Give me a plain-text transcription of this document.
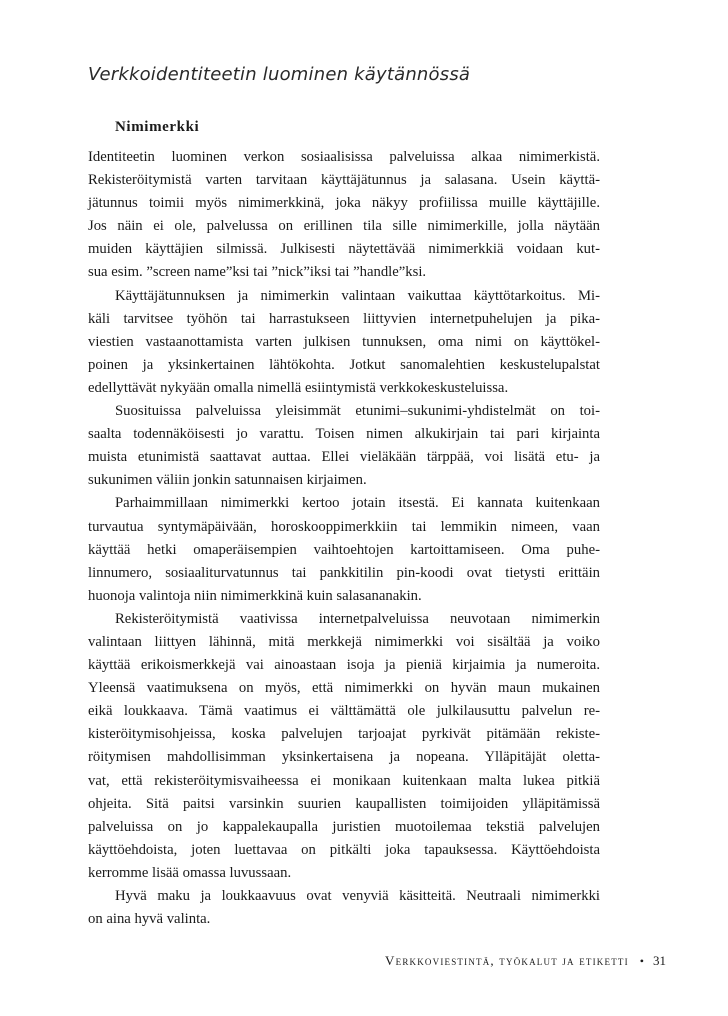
Verkkoidentiteetin luominen käytännössä
Nimimerkki
Identiteetin luominen verkon sosiaalisissa palveluissa alkaa nimimerkistä.
Rekisteröitymistä varten tarvitaan käyttäjätunnus ja salasana. Usein käyttä-
jätunnus toimii myös nimimerkkinä, joka näkyy profiilissa muille käyttäjille.
Jos näin ei ole, palvelussa on erillinen tila sille nimimerkille, jolla näytään
muiden käyttäjien silmissä. Julkisesti näytettävää nimimerkkiä voidaan kut-
sua esim. ”screen name”ksi tai ”nick”iksi tai ”handle”ksi.
Käyttäjätunnuksen ja nimimerkin valintaan vaikuttaa käyttötarkoitus. Mi-
käli tarvitsee työhön tai harrastukseen liittyvien internetpuhelujen ja pika-
viestien vastaanottamista varten julkisen tunnuksen, oma nimi on käyttökel-
poinen ja yksinkertainen lähtökohta. Jotkut sanomalehtien keskustelupalstat
edellyttävät nykyään omalla nimellä esiintymistä verkkokeskusteluissa.
Suosituissa palveluissa yleisimmät etunimi–sukunimi-yhdistelmät on toi-
saalta todennäköisesti jo varattu. Toisen nimen alkukirjain tai pari kirjainta
muista etunimistä saattavat auttaa. Ellei vieläkään tärppää, voi lisätä etu- ja
sukunimen väliin jonkin satunnaisen kirjaimen.
Parhaimmillaan nimimerkki kertoo jotain itsestä. Ei kannata kuitenkaan
turvautua syntymäpäivään, horoskooppimerkkiin tai lemmikin nimeen, vaan
käyttää hetki omaperäisempien vaihtoehtojen kartoittamiseen. Oma puhe-
linnumero, sosiaaliturvatunnus tai pankkitilin pin-koodi ovat tietysti erittäin
huonoja valintoja niin nimimerkkinä kuin salasananakin.
Rekisteröitymistä vaativissa internetpalveluissa neuvotaan nimimerkin
valintaan liittyen lähinnä, mitä merkkejä nimimerkki voi sisältää ja voiko
käyttää erikoismerkkejä vai ainoastaan isoja ja pieniä kirjaimia ja numeroita.
Yleensä vaatimuksena on myös, että nimimerkki on hyvän maun mukainen
eikä loukkaava. Tämä vaatimus ei välttämättä ole julkilausuttu palvelun re-
kisteröitymisohjeissa, koska palvelujen tarjoajat pyrkivät pitämään rekiste-
röitymisen mahdollisimman yksinkertaisena ja nopeana. Ylläpitäjät oletta-
vat, että rekisteröitymisvaiheessa ei monikaan kuitenkaan malta lukea pitkiä
ohjeita. Sitä paitsi varsinkin suurien kaupallisten toimijoiden ylläpitämissä
palveluissa on jo kappalekaupalla juristien muotoilemaa tekstiä palvelujen
käyttöehdoista, joten luettavaa on pitkälti joka tapauksessa. Käyttöehdoista
kerromme lisää omassa luvussaan.
Hyvä maku ja loukkaavuus ovat venyviä käsitteitä. Neutraali nimimerkki
on aina hyvä valinta.
Verkkoviestintä, työkalut ja etiketti • 31
